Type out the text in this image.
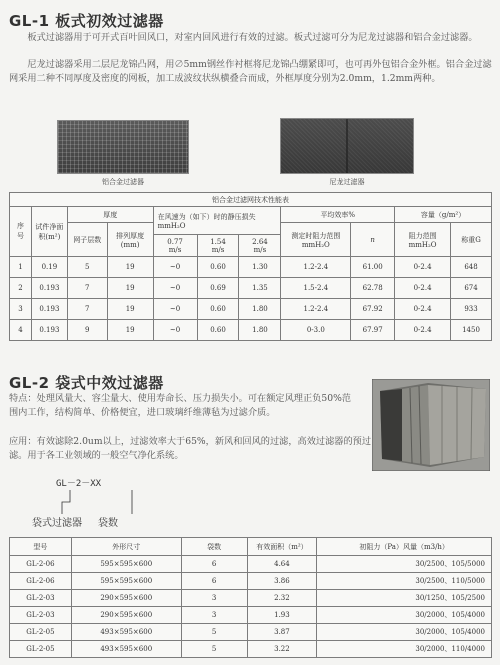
GL-1 板式初效过滤器

板式过滤器用于可开式百叶回风口，对室内回风进行有效的过滤。板式过滤可分为尼龙过滤器和铝合金过滤器。

尼龙过滤器采用二层尼龙锦凸网，用∅5mm钢丝作衬框将尼龙锦凸绷紧即可，也可再外包铝合金外框。铝合金过滤网采用二种不同厚度及密度的网板，加工成波纹状纵横叠合而成，外框厚度分别为2.0mm，1.2mm两种。

铝合金过滤器	尼龙过滤器
铝合金过滤网技术性能表										
序号	试件净面积(m²)	厚度		在风速为（如下）时的静压损失mmH₂O			平均效率%		容量（g/m²）	
		网子层数	排列厚度(mm)				测定时阻力范围mmH₂O	n	阻力范围mmH₂O	称重G
				0.77 m/s	1.54 m/s	2.64 m/s				
1	0.19	5	19	~0	0.60	1.30	1.2-2.4	61.00	0-2.4	648
2	0.193	7	19	~0	0.69	1.35	1.5-2.4	62.78	0-2.4	674
3	0.193	7	19	~0	0.60	1.80	1.2-2.4	67.92	0-2.4	933
4	0.193	9	19	~0	0.60	1.80	0-3.0	67.97	0-2.4	1450
GL-2 袋式中效过滤器

特点：处理风量大、容尘量大、使用寿命长、压力损失小。可在额定风理正负50%范围内工作，结构简单、价格便宜，进口玻璃纤维薄毡为过滤介质。

应用：有效滤除2.0um以上，过滤效率大于65%，新风和回风的过滤，高效过滤器的预过滤。用于各工业领域的一般空气净化系统。

GL－2－XX
袋式过滤器 袋数
型号	外形尺寸	袋数	有效面积（m²）	初阻力（Pa）风量（m3/h）
GL-2-06	595×595×600	6	4.64	30/2500、105/5000
GL-2-06	595×595×600	6	3.86	30/2500、110/5000
GL-2-03	290×595×600	3	2.32	30/1250、105/2500
GL-2-03	290×595×600	3	1.93	30/2000、105/4000
GL-2-05	493×595×600	5	3.87	30/2000、105/4000
GL-2-05	493×595×600	5	3.22	30/2000、110/4000
